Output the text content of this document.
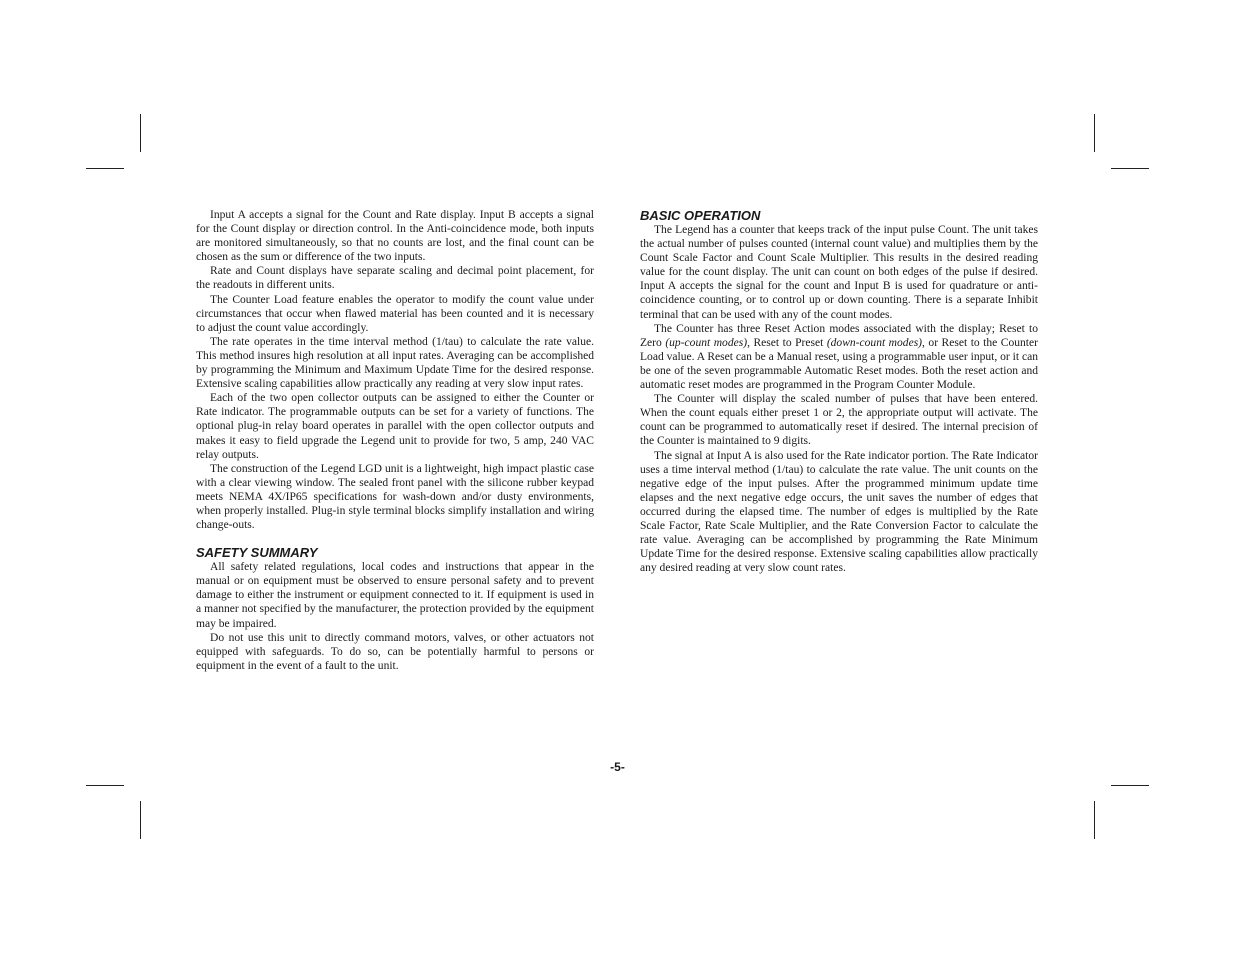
Input A accepts a signal for the Count and Rate display. Input B accepts a signal for the Count display or direction control. In the Anti-coincidence mode, both inputs are monitored simultaneously, so that no counts are lost, and the final count can be chosen as the sum or difference of the two inputs.

Rate and Count displays have separate scaling and decimal point placement, for the readouts in different units.

The Counter Load feature enables the operator to modify the count value under circumstances that occur when flawed material has been counted and it is necessary to adjust the count value accordingly.

The rate operates in the time interval method (1/tau) to calculate the rate value. This method insures high resolution at all input rates. Averaging can be accomplished by programming the Minimum and Maximum Update Time for the desired response. Extensive scaling capabilities allow practically any reading at very slow input rates.

Each of the two open collector outputs can be assigned to either the Counter or Rate indicator. The programmable outputs can be set for a variety of functions. The optional plug-in relay board operates in parallel with the open collector outputs and makes it easy to field upgrade the Legend unit to provide for two, 5 amp, 240 VAC relay outputs.

The construction of the Legend LGD unit is a lightweight, high impact plastic case with a clear viewing window. The sealed front panel with the silicone rubber keypad meets NEMA 4X/IP65 specifications for wash-down and/or dusty environments, when properly installed. Plug-in style terminal blocks simplify installation and wiring change-outs.

SAFETY SUMMARY

All safety related regulations, local codes and instructions that appear in the manual or on equipment must be observed to ensure personal safety and to prevent damage to either the instrument or equipment connected to it. If equipment is used in a manner not specified by the manufacturer, the protection provided by the equipment may be impaired.

Do not use this unit to directly command motors, valves, or other actuators not equipped with safeguards. To do so, can be potentially harmful to persons or equipment in the event of a fault to the unit.

BASIC OPERATION

The Legend has a counter that keeps track of the input pulse Count. The unit takes the actual number of pulses counted (internal count value) and multiplies them by the Count Scale Factor and Count Scale Multiplier. This results in the desired reading value for the count display. The unit can count on both edges of the pulse if desired. Input A accepts the signal for the count and Input B is used for quadrature or anti-coincidence counting, or to control up or down counting. There is a separate Inhibit terminal that can be used with any of the count modes.

The Counter has three Reset Action modes associated with the display; Reset to Zero (up-count modes), Reset to Preset (down-count modes), or Reset to the Counter Load value. A Reset can be a Manual reset, using a programmable user input, or it can be one of the seven programmable Automatic Reset modes. Both the reset action and automatic reset modes are programmed in the Program Counter Module.

The Counter will display the scaled number of pulses that have been entered. When the count equals either preset 1 or 2, the appropriate output will activate. The count can be programmed to automatically reset if desired. The internal precision of the Counter is maintained to 9 digits.

The signal at Input A is also used for the Rate indicator portion. The Rate Indicator uses a time interval method (1/tau) to calculate the rate value. The unit counts on the negative edge of the input pulses. After the programmed minimum update time elapses and the next negative edge occurs, the unit saves the number of edges that occurred during the elapsed time. The number of edges is multiplied by the Rate Scale Factor, Rate Scale Multiplier, and the Rate Conversion Factor to calculate the rate value. Averaging can be accomplished by programming the Rate Minimum Update Time for the desired response. Extensive scaling capabilities allow practically any desired reading at very slow count rates.

-5-
